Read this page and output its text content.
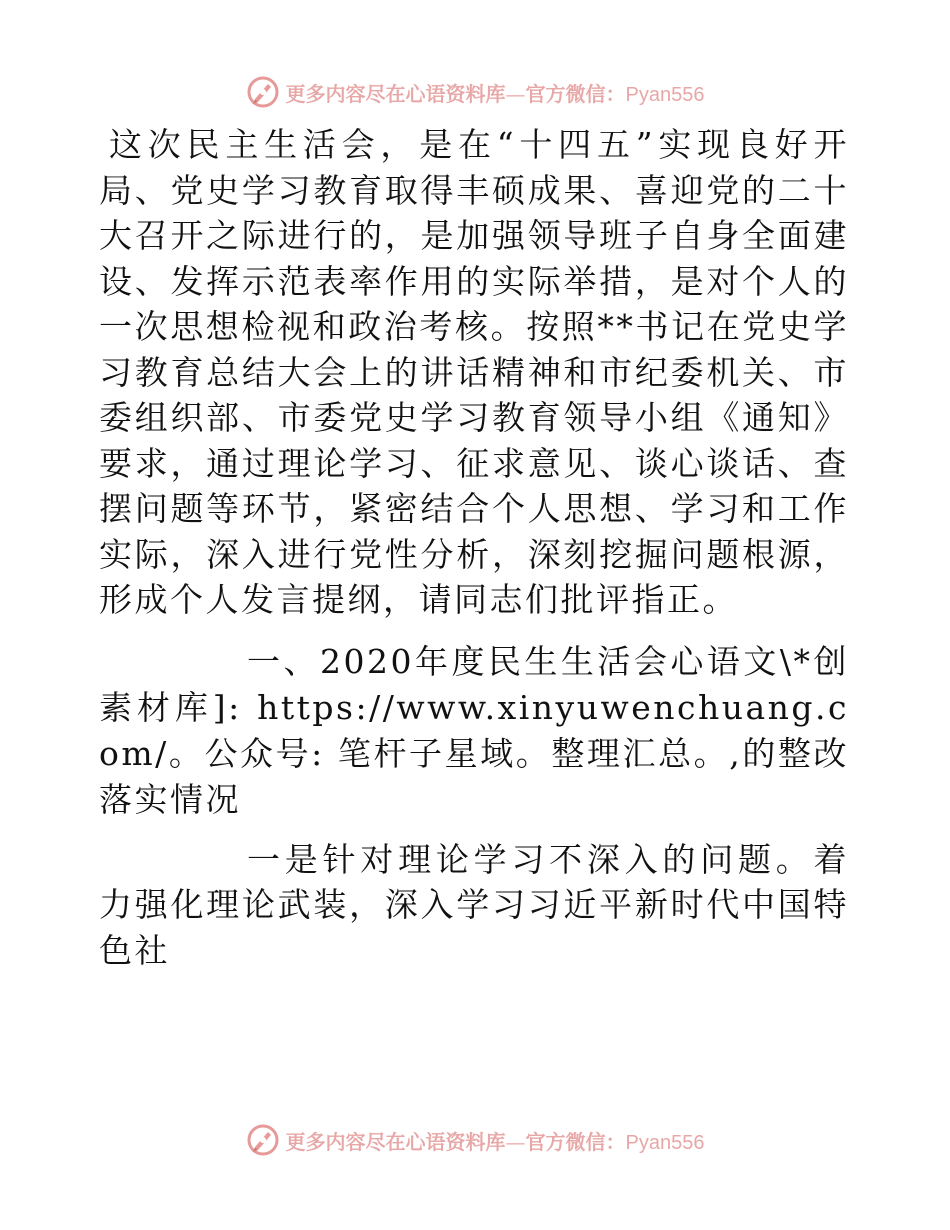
更多内容尽在心语资料库—官方微信：Pyan556

这次民主生活会，是在“十四五”实现良好开局、党史学习教育取得丰硕成果、喜迎党的二十大召开之际进行的，是加强领导班子自身全面建设、发挥示范表率作用的实际举措，是对个人的一次思想检视和政治考核。按照**书记在党史学习教育总结大会上的讲话精神和市纪委机关、市委组织部、市委党史学习教育领导小组《通知》要求，通过理论学习、征求意见、谈心谈话、查摆问题等环节，紧密结合个人思想、学习和工作实际，深入进行党性分析，深刻挖掘问题根源，形成个人发言提纲，请同志们批评指正。

一、2020年度民生生活会心语文\*创素材库]: https://www.xinyuwenchuang.com/。公众号: 笔杆子星域。整理汇总。,的整改落实情况

一是针对理论学习不深入的问题。着力强化理论武装，深入学习习近平新时代中国特色社

更多内容尽在心语资料库—官方微信：Pyan556
